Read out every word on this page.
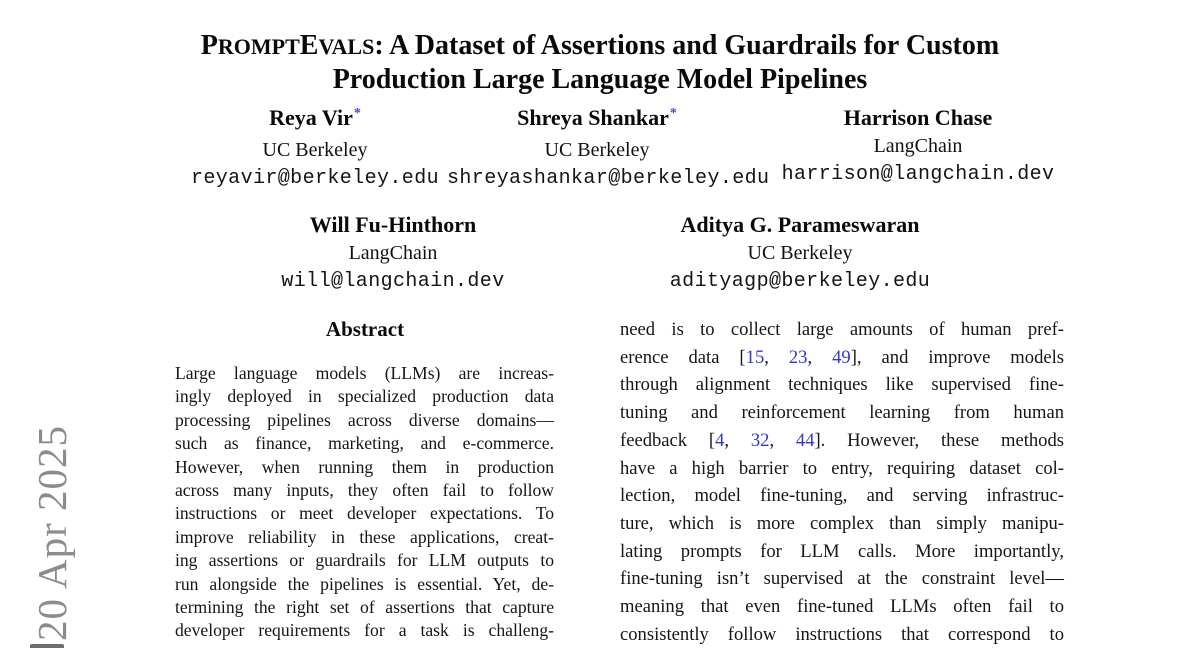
20 Apr 2025
PROMPTEVALS: A Dataset of Assertions and Guardrails for Custom
Production Large Language Model Pipelines
Reya Vir*
UC Berkeley
reyavir@berkeley.edu
Shreya Shankar*
UC Berkeley
shreyashankar@berkeley.edu
Harrison Chase
LangChain
harrison@langchain.dev
Will Fu-Hinthorn
LangChain
will@langchain.dev
Aditya G. Parameswaran
UC Berkeley
adityagp@berkeley.edu
Abstract
Large language models (LLMs) are increas-
ingly deployed in specialized production data
processing pipelines across diverse domains—
such as finance, marketing, and e-commerce.
However, when running them in production
across many inputs, they often fail to follow
instructions or meet developer expectations. To
improve reliability in these applications, creat-
ing assertions or guardrails for LLM outputs to
run alongside the pipelines is essential. Yet, de-
termining the right set of assertions that capture
developer requirements for a task is challeng-
need is to collect large amounts of human pref-
erence data [15, 23, 49], and improve models
through alignment techniques like supervised fine-
tuning and reinforcement learning from human
feedback [4, 32, 44]. However, these methods
have a high barrier to entry, requiring dataset col-
lection, model fine-tuning, and serving infrastruc-
ture, which is more complex than simply manipu-
lating prompts for LLM calls. More importantly,
fine-tuning isn’t supervised at the constraint level—
meaning that even fine-tuned LLMs often fail to
consistently follow instructions that correspond to
